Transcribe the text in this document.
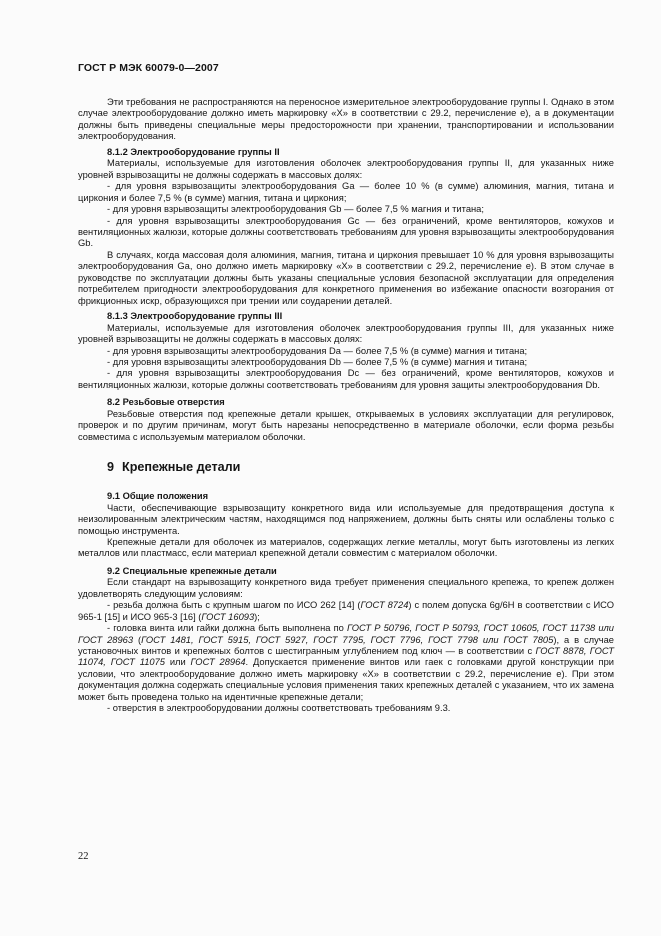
ГОСТ Р МЭК 60079-0—2007

Эти требования не распространяются на переносное измерительное электрооборудование группы I. Однако в этом случае электрооборудование должно иметь маркировку «X» в соответствии с 29.2, перечисление е), а в документации должны быть приведены специальные меры предосторожности при хранении, транспортировании и использовании электрооборудования.

8.1.2 Электрооборудование группы II

Материалы, используемые для изготовления оболочек электрооборудования группы II, для указанных ниже уровней взрывозащиты не должны содержать в массовых долях:

- для уровня взрывозащиты электрооборудования Ga — более 10 % (в сумме) алюминия, магния, титана и циркония и более 7,5 % (в сумме) магния, титана и циркония;

- для уровня взрывозащиты электрооборудования Gb — более 7,5 % магния и титана;

- для уровня взрывозащиты электрооборудования Gc — без ограничений, кроме вентиляторов, кожухов и вентиляционных жалюзи, которые должны соответствовать требованиям для уровня взрывозащиты электрооборудования Gb.

В случаях, когда массовая доля алюминия, магния, титана и циркония превышает 10 % для уровня взрывозащиты электрооборудования Ga, оно должно иметь маркировку «X» в соответствии с 29.2, перечисление е). В этом случае в руководстве по эксплуатации должны быть указаны специальные условия безопасной эксплуатации для определения потребителем пригодности электрооборудования для конкретного применения во избежание опасности возгорания от фрикционных искр, образующихся при трении или соударении деталей.

8.1.3 Электрооборудование группы III

Материалы, используемые для изготовления оболочек электрооборудования группы III, для указанных ниже уровней взрывозащиты не должны содержать в массовых долях:

- для уровня взрывозащиты электрооборудования Da — более 7,5 % (в сумме) магния и титана;

- для уровня взрывозащиты электрооборудования Db — более 7,5 % (в сумме) магния и титана;

- для уровня взрывозащиты электрооборудования Dc — без ограничений, кроме вентиляторов, кожухов и вентиляционных жалюзи, которые должны соответствовать требованиям для уровня защиты электрооборудования Db.

8.2 Резьбовые отверстия

Резьбовые отверстия под крепежные детали крышек, открываемых в условиях эксплуатации для регулировок, проверок и по другим причинам, могут быть нарезаны непосредственно в материале оболочки, если форма резьбы совместима с используемым материалом оболочки.

9 Крепежные детали

9.1 Общие положения

Части, обеспечивающие взрывозащиту конкретного вида или используемые для предотвращения доступа к неизолированным электрическим частям, находящимся под напряжением, должны быть сняты или ослаблены только с помощью инструмента.

Крепежные детали для оболочек из материалов, содержащих легкие металлы, могут быть изготовлены из легких металлов или пластмасс, если материал крепежной детали совместим с материалом оболочки.

9.2 Специальные крепежные детали

Если стандарт на взрывозащиту конкретного вида требует применения специального крепежа, то крепеж должен удовлетворять следующим условиям:

- резьба должна быть с крупным шагом по ИСО 262 [14] (ГОСТ 8724) с полем допуска 6g/6H в соответствии с ИСО 965-1 [15] и ИСО 965-3 [16] (ГОСТ 16093);

- головка винта или гайки должна быть выполнена по ГОСТ Р 50796, ГОСТ Р 50793, ГОСТ 10605, ГОСТ 11738 или ГОСТ 28963 (ГОСТ 1481, ГОСТ 5915, ГОСТ 5927, ГОСТ 7795, ГОСТ 7796, ГОСТ 7798 или ГОСТ 7805), а в случае установочных винтов и крепежных болтов с шестигранным углублением под ключ — в соответствии с ГОСТ 8878, ГОСТ 11074, ГОСТ 11075 или ГОСТ 28964. Допускается применение винтов или гаек с головками другой конструкции при условии, что электрооборудование должно иметь маркировку «X» в соответствии с 29.2, перечисление е). При этом документация должна содержать специальные условия применения таких крепежных деталей с указанием, что их замена может быть проведена только на идентичные крепежные детали;

- отверстия в электрооборудовании должны соответствовать требованиям 9.3.

22
